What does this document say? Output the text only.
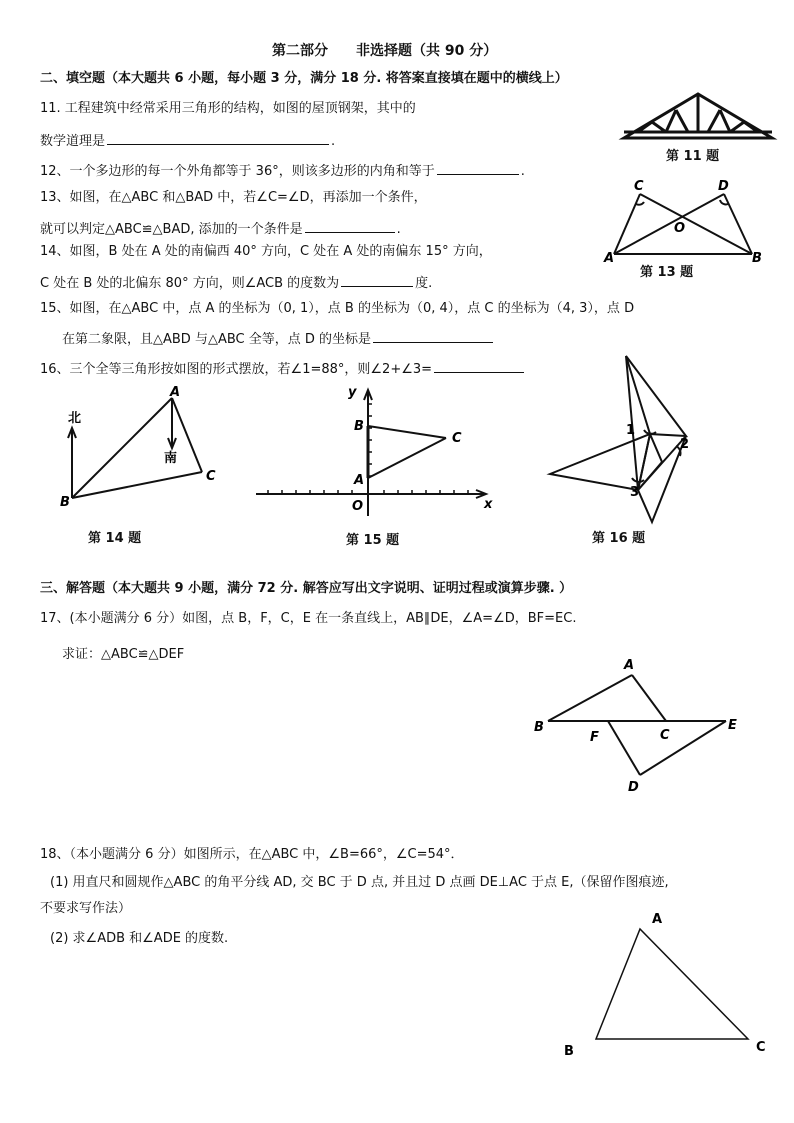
第二部分　　非选择题（共 90 分）
二、填空题（本大题共 6 小题，每小题 3 分，满分 18 分. 将答案直接填在题中的横线上）
11. 工程建筑中经常采用三角形的结构，如图的屋顶钢架，其中的
数学道理是	.
12、一个多边形的每一个外角都等于 36°，则该多边形的内角和等于	.
13、如图，在△ABC 和△BAD 中，若∠C=∠D，再添加一个条件，
就可以判定△ABC≌△BAD, 添加的一个条件是	.
14、如图，B 处在 A 处的南偏西 40° 方向，C 处在 A 处的南偏东 15° 方向，
C 处在 B 处的北偏东 80° 方向，则∠ACB 的度数为	度.
15、如图，在△ABC 中，点 A 的坐标为（0, 1），点 B 的坐标为（0, 4），点 C 的坐标为（4, 3），点 D
在第二象限，且△ABD 与△ABC 全等，点 D 的坐标是
16、三个全等三角形按如图的形式摆放，若∠1=88°，则∠2+∠3=
第 11 题
C	D
O
A	B
第 13 题
北
南
A
B
C
第 14 题
y
B
A
C
O	x
第 15 题
1
2
3
第 16 题
三、解答题（本大题共 9 小题，满分 72 分. 解答应写出文字说明、证明过程或演算步骤. ）
17、(本小题满分 6 分）如图，点 B，F，C，E 在一条直线上，AB∥DE，∠A=∠D，BF=EC.
求证：△ABC≌△DEF
A
B
F	C
E
D
18、（本小题满分 6 分）如图所示，在△ABC 中，∠B=66°，∠C=54°．
(1) 用直尺和圆规作△ABC 的角平分线 AD, 交 BC 于 D 点, 并且过 D 点画 DE⊥AC 于点 E,（保留作图痕迹,
不要求写作法）
(2) 求∠ADB 和∠ADE 的度数.
A
B	C
